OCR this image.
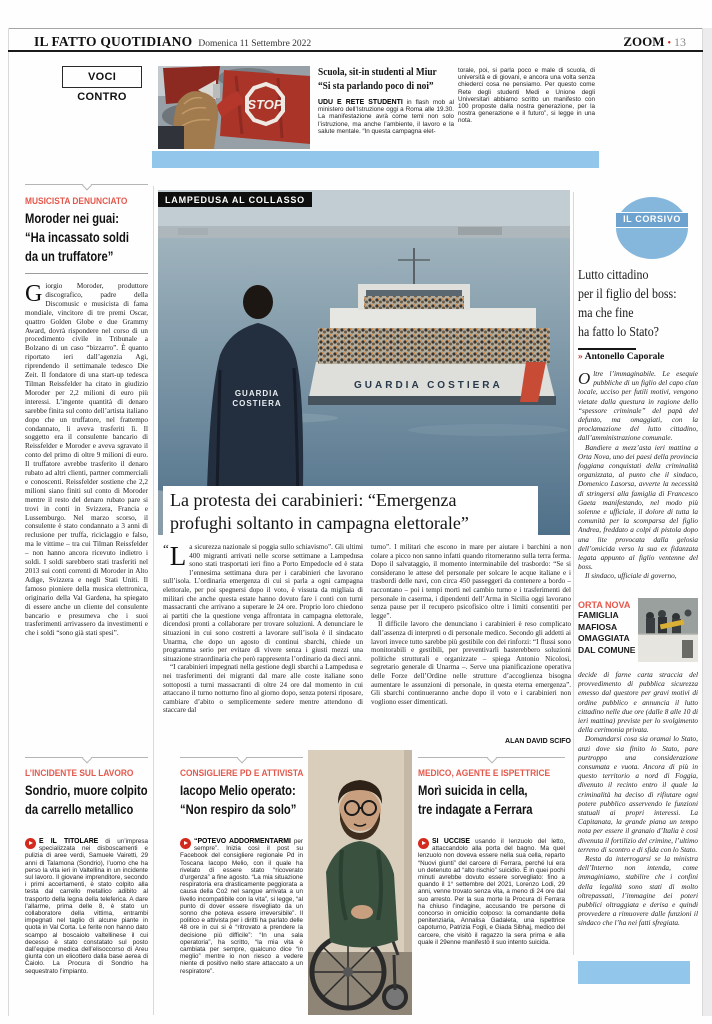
IL FATTO QUOTIDIANO Domenica 11 Settembre 2022	ZOOM • 13
VOCI CONTRO	STOP
Scuola, sit-in studenti al Miur
“Si sta parlando poco di noi”
UDU E RETE STUDENTI in flash mob al ministero dell’Istruzione oggi a Roma alle 19.30. La manifestazione avrà come temi non solo l’istruzione, ma anche l’ambiente, il lavoro e la salute mentale. “In questa campagna elet-
torale, poi, si parla poco e male di scuola, di università e di giovani, e ancora una volta senza chiederci cosa ne pensiamo. Per questo come Rete degli studenti Medi e Unione degli Universitari abbiamo scritto un manifesto con 100 proposte dalla nostra generazione, per la nostra generazione e il futuro”, si legge in una nota.
MUSICISTA DENUNCIATO
Moroder nei guai:
“Ha incassato soldi
da un truffatore”
Giorgio Moroder, produttore discografico, padre della Discomusic e musicista di fama mondiale, vincitore di tre premi Oscar, quattro Golden Globe e due Grammy Award, dovrà rispondere nel corso di un procedimento civile in Tribunale a Bolzano di un caso “bizzarro”. È quanto riportato ieri dall’agenzia Agi, riprendendo il settimanale tedesco Die Zeit. Il fondatore di una start-up tedesca Tilman Reissfelder ha citato in giudizio Moroder per 2,2 milioni di euro più interessi. L’ingente quantità di denaro sarebbe finita sul conto dell’artista italiano dopo che un truffatore, nel frattempo condannato, li aveva trasferiti lì. Il soggetto era il consulente bancario di Reissfelder e Moroder e aveva sgravato il conto del primo di oltre 9 milioni di euro. Il truffatore avrebbe trasferito il denaro rubato ad altri clienti, partner commerciali e conoscenti. Reissfelder sostiene che 2,2 milioni siano finiti sul conto di Moroder mentre il resto del denaro rubato pare si trovi in conti in Svizzera, Francia e Lussemburgo. Nel marzo scorso, il consulente è stato condannato a 3 anni di reclusione per truffa, riciclaggio e falso, ma le vittime – tra cui Tilman Reissfelder – non hanno ancora ricevuto indietro i soldi. I soldi sarebbero stati trasferiti nel 2013 sui conti correnti di Moroder in Alto Adige, Svizzera e negli Stati Uniti. Il famoso pioniere della musica elettronica, originario della Val Gardena, ha spiegato di essere anche un cliente del consulente bancario e presumeva che i suoi trasferimenti arrivassero da investimenti e che i soldi “sono già stati spesi”.
GUARDIA COSTIERA
GUARDIA
COSTIERA
LAMPEDUSA AL COLLASSO
La protesta dei carabinieri: “Emergenza
profughi soltanto in campagna elettorale”
“ L a sicurezza nazionale si poggia sullo schiavismo”. Gli ultimi 400 migranti arrivati nelle scorse settimane a Lampedusa sono stati trasportati ieri fino a Porto Empedocle ed è stata l’ennesima settimana dura per i carabinieri che lavorano sull’isola. L’ordinaria emergenza di cui si parla a ogni campagna elettorale, per poi spegnersi dopo il voto, è vissuta da migliaia di militari che anche questa estate hanno dovuto fare i conti con turni massacranti che arrivano a superare le 24 ore. Proprio loro chiedono ai partiti che la questione venga affrontata in campagna elettorale, dicendosi pronti a collaborare per trovare soluzioni. A denunciare le situazioni in cui sono costretti a lavorare sull’isola è il sindacato Unarma, che dopo un agosto di continui sbarchi, chiede un programma serio per evitare di vivere senza i giusti mezzi una situazione straordinaria che però rappresenta l’ordinario da dieci anni.
“I carabinieri impegnati nella gestione degli sbarchi a Lampedusa e nei trasferimenti dei migranti dal mare alle coste italiane sono sottoposti a turni massacranti di oltre 24 ore dal momento in cui attaccano il turno notturno fino al giorno dopo, senza potersi riposare, cambiare d’abito o semplicemente sedere mentre attendono di staccare dal
turno”. I militari che escono in mare per aiutare i barchini a non colare a picco non sanno infatti quando ritorneranno sulla terra ferma. Dopo il salvataggio, il momento interminabile del trasbordo: “Se si considerano le attese del personale per solcare le acque italiane e i trasbordi delle navi, con circa 450 passeggeri da contenere a bordo – raccontano – poi i tempi morti nel cambio turno e i trasferimenti del personale in caserma, i dipendenti dell’Arma in Sicilia oggi lavorano senza pause per il recupero psicofisico oltre i limiti consentiti per legge”.
Il difficile lavoro che denunciano i carabinieri è reso complicato dall’assenza di interpreti o di personale medico. Secondo gli addetti ai lavori invece tutto sarebbe più gestibile con dei rinforzi: “I flussi sono monitorabili e gestibili, per preventivarli basterebbero soluzioni politiche strutturali e organizzate – spiega Antonio Nicolosi, segretario generale di Unarma –. Serve una pianificazione operativa delle Forze dell’Ordine nelle strutture d’accoglienza bisogna aumentare le assunzioni di personale, in questa eterna emergenza”. Gli sbarchi continueranno anche dopo il voto e i carabinieri non vogliono esser dimenticati.
ALAN DAVID SCIFO
IL CORSIVO
Lutto cittadino
per il figlio del boss:
ma che fine
ha fatto lo Stato?
» Antonello Caporale
Oltre l’immaginabile. Le esequie pubbliche di un figlio del capo clan locale, ucciso per futili motivi, vengono vietate dalla questura in ragione dello “spessore criminale” del papà del defunto, ma omaggiati, con la proclamazione del lutto cittadino, dall’amministrazione comunale.
Bandiere a mezz’asta ieri mattina a Orta Nova, uno dei paesi della provincia foggiana conquistati della criminalità organizzata, al punto che il sindaco, Domenico Lasorsa, avverte la necessità di stringersi alla famiglia di Francesco Gaeta manifestando, nel modo più solenne e ufficiale, il dolore di tutta la comunità per la scomparsa del figlio Andrea, freddato a colpi di pistola dopo una lite provocata dalla gelosia dell’omicida verso la sua ex fidanzata legata appunto al figlio ventenne del boss.
Il sindaco, ufficiale di governo,
ORTA NOVA
FAMIGLIA
MAFIOSA
OMAGGIATA
DAL COMUNE
decide di farne carta straccia del provvedimento di pubblica sicurezza emesso dal questore per gravi motivi di ordine pubblico e annuncia il lutto cittadino nelle due ore (dalle 8 alle 10 di ieri mattina) previste per lo svolgimento della cerimonia privata.
Domandarsi cosa sia oramai lo Stato, anzi dove sia finito lo Stato, pare purtroppo una considerazione consumata e vuota. Ancora di più in questo territorio a nord di Foggia, divenuto il recinto entro il quale la criminalità ha deciso di rifiutare ogni potere pubblico asservendo le funzioni statuali ai propri interessi. La Capitanata, la grande piana un tempo nota per essere il granaio d’Italia è così divenuta il fortilizio del crimine, l’ultimo terreno di scontro e di sfida con lo Stato.
Resta da interrogarsi se la ministra dell’Interno non intenda, come immaginiamo, stabilire che i confini della legalità sono stati di molto oltrepassati, l’immagine dei poteri pubblici oltraggiata e derisa e quindi provvedere a rimuovere dalle funzioni il sindaco che l’ha nei fatti sfregiata.
L’INCIDENTE SUL LAVORO	CONSIGLIERE PD E ATTIVISTA	MEDICO, AGENTE E ISPETTRICE
Sondrio, muore colpito
da carrello metallico
Iacopo Melio operato:
“Non respiro da solo”
Morì suicida in cella,
tre indagate a Ferrara
È IL TITOLARE di un’impresa specializzata nei disboscamenti e pulizia di aree verdi, Samuele Vairetti, 29 anni di Talamona (Sondrio), l’uomo che ha perso la vita ieri in Valtellina in un incidente sul lavoro. Il giovane imprenditore, secondo i primi accertamenti, è stato colpito alla testa dal carrello metallico adibito al trasporto della legna della teleferica. A dare l’allarme, prima delle 8, è stato un collaboratore della vittima, entrambi impegnati nel taglio di alcune piante in quota in Val Corta. Le ferite non hanno dato scampo al boscaiolo valtellinese il cui decesso è stato constatato sul posto dall’equipe medica dell’elisoccorso di Areu giunta con un elicottero dalla base aerea di Caiolo. La Procura di Sondrio ha sequestrato l’impianto.
“POTEVO ADDORMENTARMI per sempre”. Inizia così il post su Facebook del consigliere regionale Pd in Toscana Iacopo Melio, con il quale ha rivelato di essere stato “ricoverato d’urgenza” a fine agosto. “La mia situazione respiratoria era drasticamente peggiorata a causa della Co2 nel sangue arrivata a un livello incompatibile con la vita”, si legge, “al punto di dover essere risvegliato da un sonno che poteva essere irreversibile”. Il politico e attivista per i diritti ha parlato delle 48 ore in cui si è “ritrovato a prendere la decisione più difficile”: “In una sala operatoria”, ha scritto, “la mia vita è cambiata per sempre, qualcuno dice “in meglio” mentre io non riesco a vedere niente di positivo nello stare attaccato a un respiratore”.
SI UCCISE usando il lenzuolo del letto, attaccandolo alla porta del bagno. Ma quel lenzuolo non doveva essere nella sua cella, reparto “Nuovi giunti” del carcere di Ferrara, perché lui era un detenuto ad “alto rischio” suicidio. E in quei pochi minuti avrebbe dovuto essere sorvegliato: fino a quando il 1° settembre del 2021, Lorenzo Lodi, 29 anni, venne trovato senza vita, a meno di 24 ore dal suo arresto. Per la sua morte la Procura di Ferrara ha chiuso l’indagine, accusando tre persone di concorso in omicidio colposo: la comandante della penitenziaria, Annalisa Gadaleta, una ispettrice capoturno, Patrizia Fogli, e Giada Sibhaj, medico del carcere, che visitò il ragazzo la sera prima e alla quale il 29enne manifestò il suo intento suicida.
